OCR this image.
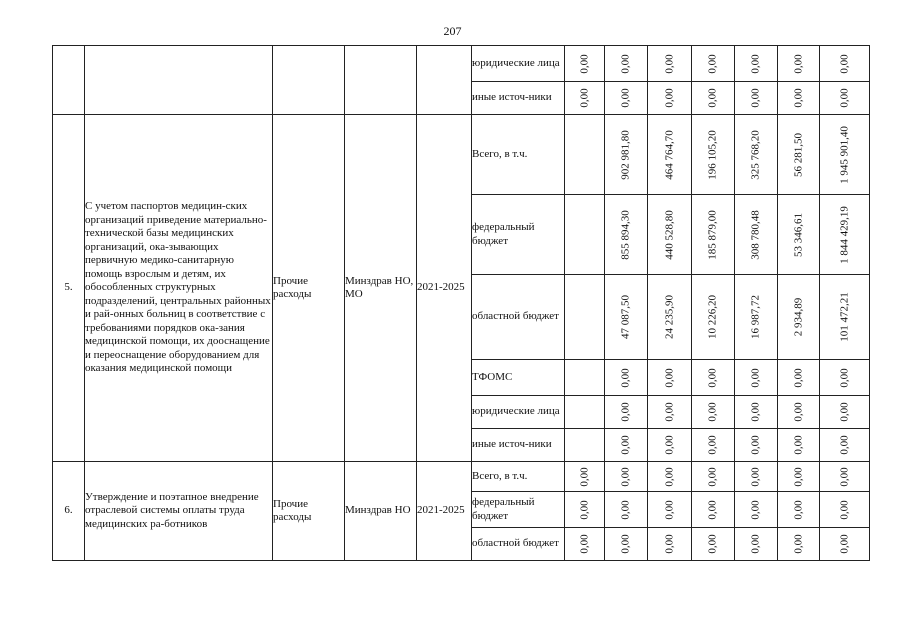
207
					юридические лица	0,00	0,00	0,00	0,00	0,00	0,00	0,00

					иные источ-ники	0,00	0,00	0,00	0,00	0,00	0,00	0,00

5.	С учетом паспортов медицин-ских организаций приведение материально-технической базы медицинских организаций, ока-зывающих первичную медико-санитарную помощь взрослым и детям, их обособленных структурных подразделений, центральных районных и рай-онных больниц в соответствие с требованиями порядков ока-зания медицинской помощи, их дооснащение и переоснащение оборудованием для оказания медицинской помощи	Прочие расходы	Минздрав НО, МО	2021-2025	Всего, в т.ч.		902 981,80	464 764,70	196 105,20	325 768,20	56 281,50	1 945 901,40

					федеральный бюджет		855 894,30	440 528,80	185 879,00	308 780,48	53 346,61	1 844 429,19

					областной бюджет		47 087,50	24 235,90	10 226,20	16 987,72	2 934,89	101 472,21

					ТФОМС		0,00	0,00	0,00	0,00	0,00	0,00

					юридические лица		0,00	0,00	0,00	0,00	0,00	0,00

					иные источ-ники		0,00	0,00	0,00	0,00	0,00	0,00

6.	Утверждение и поэтапное внедрение отраслевой системы оплаты труда медицинских ра-ботников	Прочие расходы	Минздрав НО	2021-2025	Всего, в т.ч.	0,00	0,00	0,00	0,00	0,00	0,00	0,00

					федеральный бюджет	0,00	0,00	0,00	0,00	0,00	0,00	0,00

					областной бюджет	0,00	0,00	0,00	0,00	0,00	0,00	0,00
